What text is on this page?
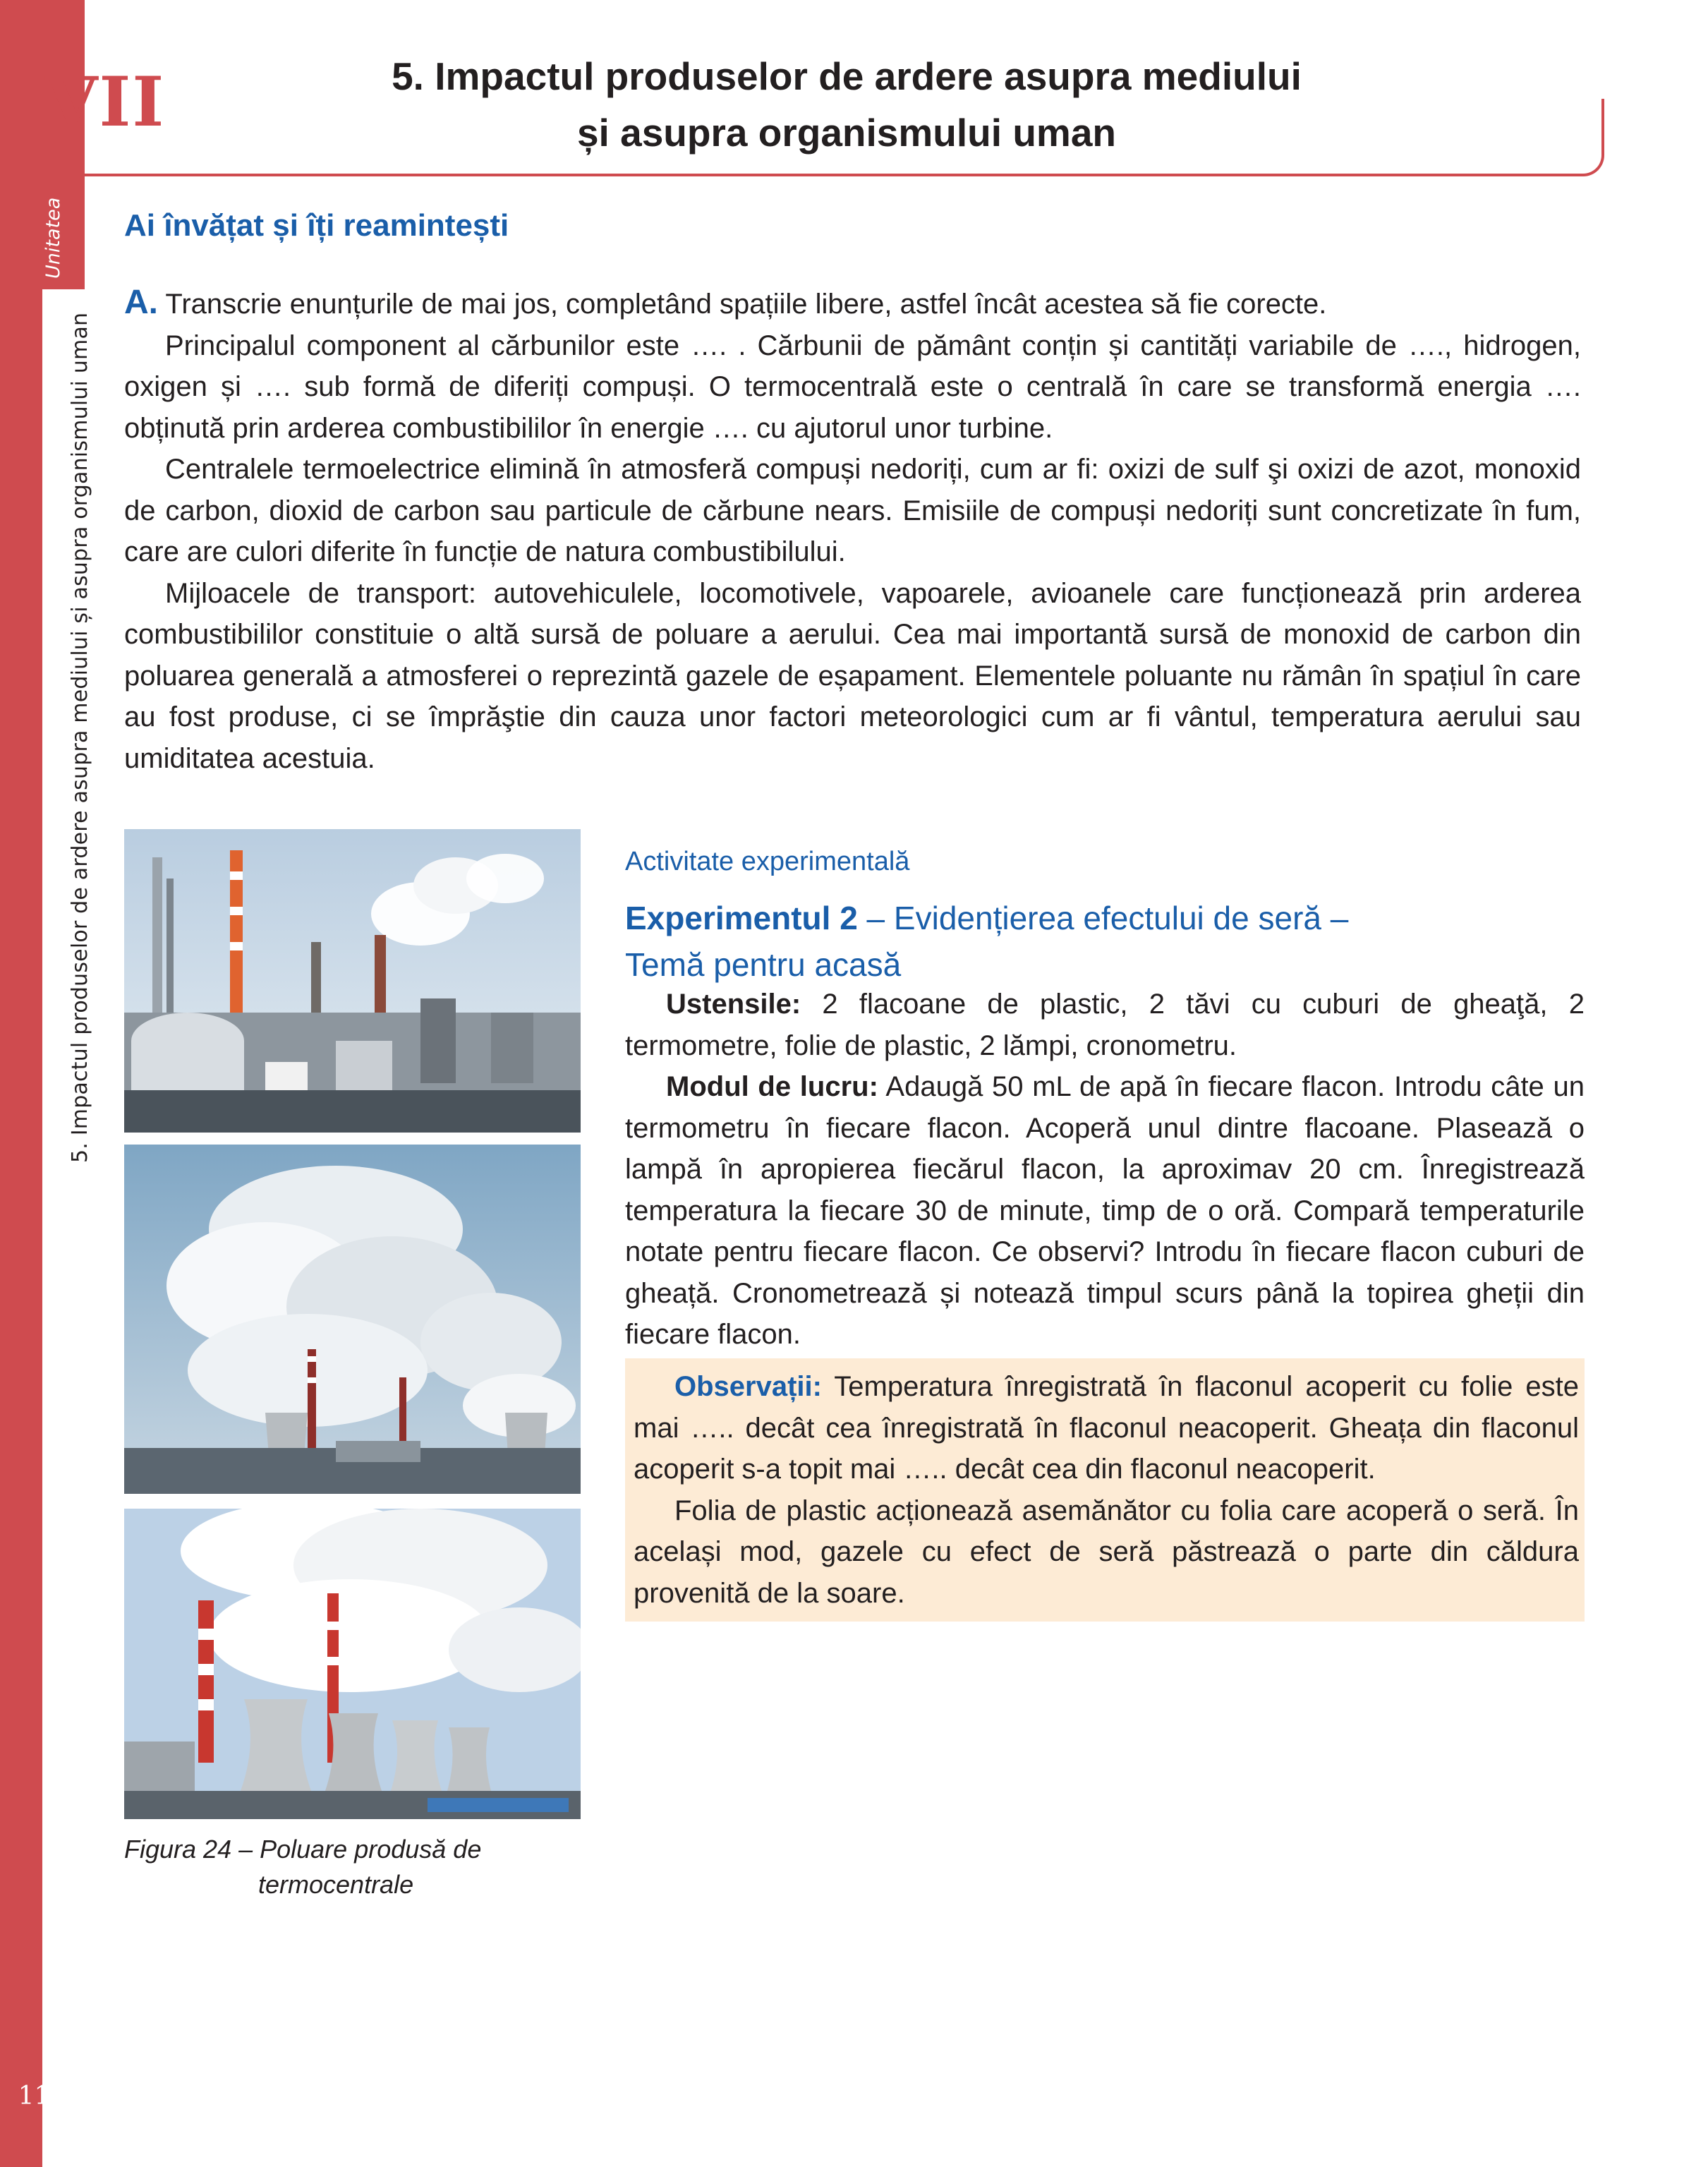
Unitatea
5. Impactul produselor de ardere asupra mediului și asupra organismului uman
116
VII	5. Impactul produselor de ardere asupra mediului
și asupra organismului uman
Ai învățat și îți reamintești

A. Transcrie enunțurile de mai jos, completând spațiile libere, astfel încât acestea să fie corecte.

Principalul component al cărbunilor este …. . Cărbunii de pământ conțin și cantități variabile de …., hidrogen, oxigen și …. sub formă de diferiți compuși. O termocentrală este o centrală în care se transformă energia …. obținută prin arderea combustibililor în energie …. cu ajutorul unor turbine.

Centralele termoelectrice elimină în atmosferă compuși nedoriți, cum ar fi: oxizi de sulf şi oxizi de azot, monoxid de carbon, dioxid de carbon sau particule de cărbune nears. Emisiile de compuși nedoriți sunt concretizate în fum, care are culori diferite în funcție de natura combustibilului.

Mijloacele de transport: autovehiculele, locomotivele, vapoarele, avioanele care funcționează prin arderea combustibililor constituie o altă sursă de poluare a aerului. Cea mai importantă sursă de monoxid de carbon din poluarea generală a atmosferei o reprezintă gazele de eșapament. Elementele poluante nu rămân în spațiul în care au fost produse, ci se împrăştie din cauza unor factori meteorologici cum ar fi vântul, temperatura aerului sau umiditatea acestuia.

Figura 24 – Poluare produsă de
termocentrale
Activitate experimentală
Experimentul 2 – Evidențierea efectului de seră –
Temă pentru acasă

Ustensile: 2 flacoane de plastic, 2 tăvi cu cuburi de gheaţă, 2 termometre, folie de plastic, 2 lămpi, cronometru.

Modul de lucru: Adaugă 50 mL de apă în fiecare flacon. Introdu câte un termometru în fiecare flacon. Acoperă unul dintre flacoane. Plasează o lampă în apropierea fiecărul flacon, la aproximav 20 cm. Înregistrează temperatura la fiecare 30 de minute, timp de o oră. Compară temperaturile notate pentru fiecare flacon. Ce observi? Introdu în fiecare flacon cuburi de gheață. Cronometrează și notează timpul scurs până la topirea gheții din fiecare flacon.

Observații: Temperatura înregistrată în flaconul acoperit cu folie este mai ….. decât cea înregistrată în flaconul neacoperit. Gheața din flaconul acoperit s-a topit mai ….. decât cea din flaconul neacoperit.

Folia de plastic acționează asemănător cu folia care acoperă o seră. În același mod, gazele cu efect de seră păstrează o parte din căldura provenită de la soare.
